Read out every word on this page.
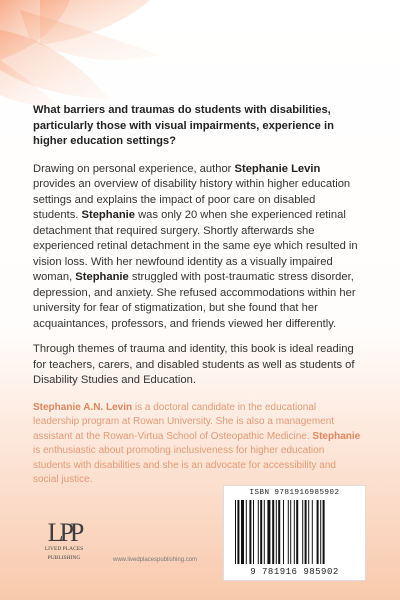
What barriers and traumas do students with disabilities, particularly those with visual impairments, experience in higher education settings?

Drawing on personal experience, author Stephanie Levin provides an overview of disability history within higher education settings and explains the impact of poor care on disabled students. Stephanie was only 20 when she experienced retinal detachment that required surgery. Shortly afterwards she experienced retinal detachment in the same eye which resulted in vision loss. With her newfound identity as a visually impaired woman, Stephanie struggled with post-traumatic stress disorder, depression, and anxiety. She refused accommodations within her university for fear of stigmatization, but she found that her acquaintances, professors, and friends viewed her differently.

Through themes of trauma and identity, this book is ideal reading for teachers, carers, and disabled students as well as students of Disability Studies and Education.

Stephanie A.N. Levin is a doctoral candidate in the educational leadership program at Rowan University. She is also a management assistant at the Rowan-Virtua School of Osteopathic Medicine. Stephanie is enthusiastic about promoting inclusiveness for higher education students with disabilities and she is an advocate for accessibility and social justice.

LPP
LIVED PLACES
PUBLISHING	www.livedplacespublishing.com
ISBN 9781916985902
9 781916 985902
